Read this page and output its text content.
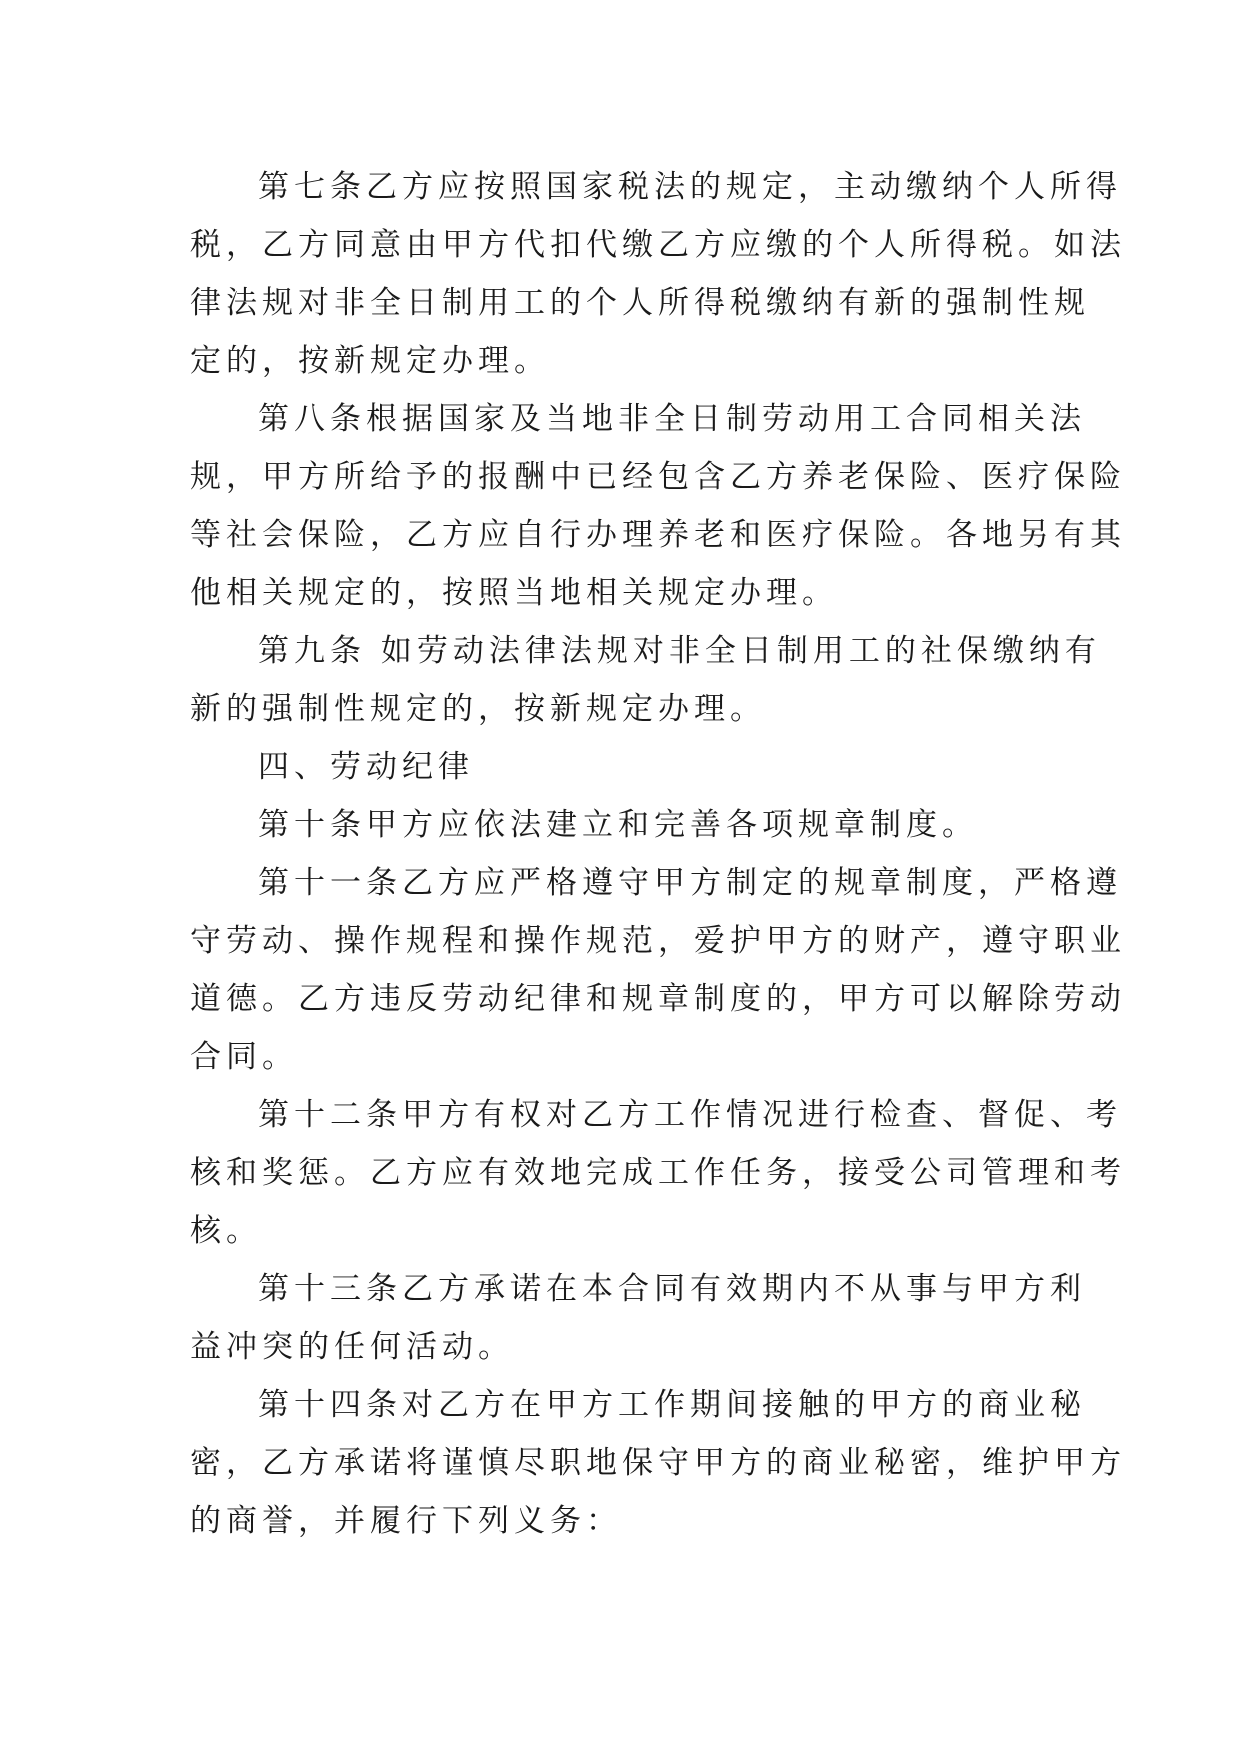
第七条乙方应按照国家税法的规定，主动缴纳个人所得
税，乙方同意由甲方代扣代缴乙方应缴的个人所得税。如法
律法规对非全日制用工的个人所得税缴纳有新的强制性规
定的，按新规定办理。
第八条根据国家及当地非全日制劳动用工合同相关法
规，甲方所给予的报酬中已经包含乙方养老保险、医疗保险
等社会保险，乙方应自行办理养老和医疗保险。各地另有其
他相关规定的，按照当地相关规定办理。
第九条 如劳动法律法规对非全日制用工的社保缴纳有
新的强制性规定的，按新规定办理。
四、劳动纪律
第十条甲方应依法建立和完善各项规章制度。
第十一条乙方应严格遵守甲方制定的规章制度，严格遵
守劳动、操作规程和操作规范，爱护甲方的财产，遵守职业
道德。乙方违反劳动纪律和规章制度的，甲方可以解除劳动
合同。
第十二条甲方有权对乙方工作情况进行检查、督促、考
核和奖惩。乙方应有效地完成工作任务，接受公司管理和考
核。
第十三条乙方承诺在本合同有效期内不从事与甲方利
益冲突的任何活动。
第十四条对乙方在甲方工作期间接触的甲方的商业秘
密，乙方承诺将谨慎尽职地保守甲方的商业秘密，维护甲方
的商誉，并履行下列义务：
